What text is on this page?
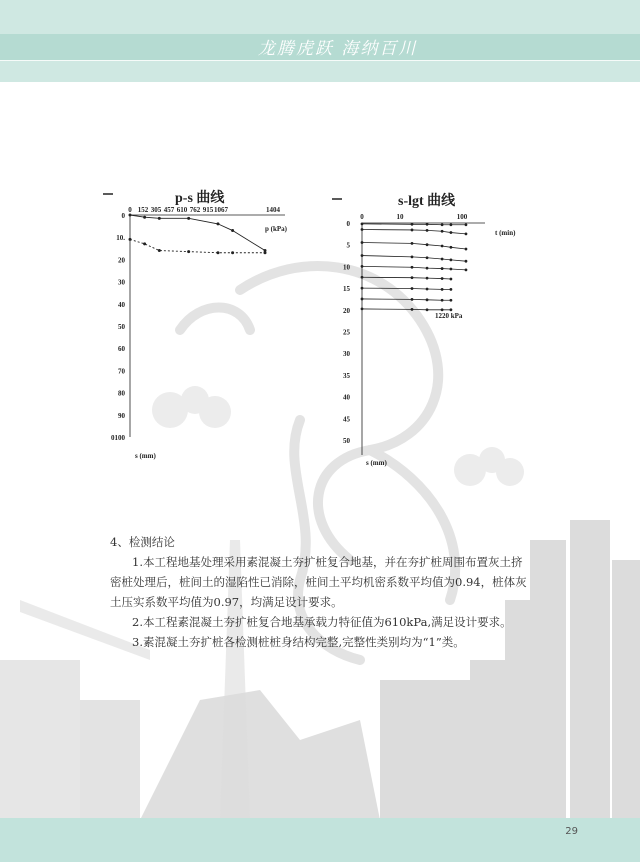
龙腾虎跃 海纳百川
p-s 曲线
0 152 305 457 610 762 915 1067	1404
0
10.
20
30
40
50
60
70
80
90
0100
p (kPa)
s (mm)
s-lgt 曲线
0	10	100
0
5
10
15
20
25
30
35
40
45
50
t (min)
s (mm)
1220 kPa

4、检测结论

1.本工程地基处理采用素混凝土夯扩桩复合地基，并在夯扩桩周围布置灰土挤密桩处理后，桩间土的湿陷性已消除，桩间土平均机密系数平均值为0.94，桩体灰土压实系数平均值为0.97，均满足设计要求。

2.本工程素混凝土夯扩桩复合地基承载力特征值为610kPa,满足设计要求。

3.素混凝土夯扩桩各检测桩桩身结构完整,完整性类别均为“1”类。

29
